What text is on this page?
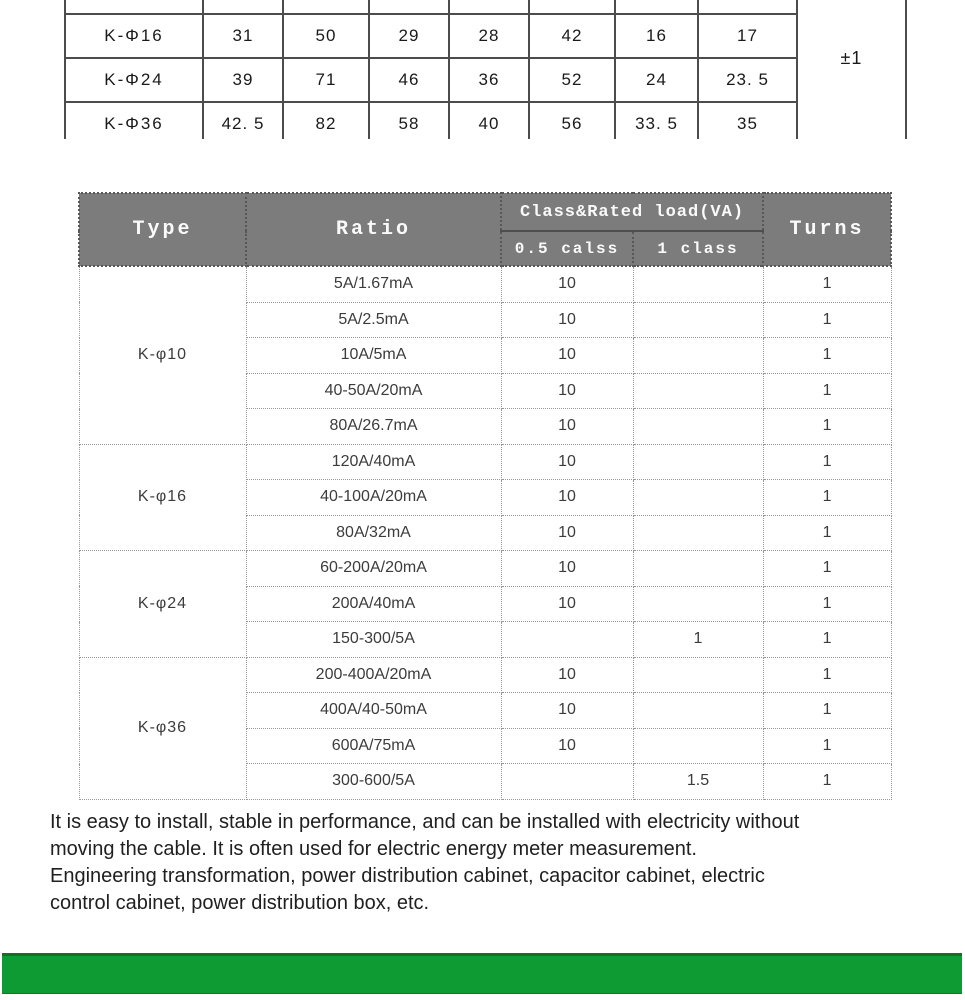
								±1
K-Φ16	31	50	29	28	42	16	17	
K-Φ24	39	71	46	36	52	24	23. 5	
K-Φ36	42. 5	82	58	40	56	33. 5	35	
Type	Ratio	Class&Rated load(VA)		Turns
		0.5 calss	1 class	
K-φ10	5A/1.67mA	10		1
	5A/2.5mA	10		1
	10A/5mA	10		1
	40-50A/20mA	10		1
	80A/26.7mA	10		1
K-φ16	120A/40mA	10		1
	40-100A/20mA	10		1
	80A/32mA	10		1
K-φ24	60-200A/20mA	10		1
	200A/40mA	10		1
	150-300/5A		1	1
K-φ36	200-400A/20mA	10		1
	400A/40-50mA	10		1
	600A/75mA	10		1
	300-600/5A		1.5	1
It is easy to install, stable in performance, and can be installed with electricity without
moving the cable. It is often used for electric energy meter measurement.
Engineering transformation, power distribution cabinet, capacitor cabinet, electric
control cabinet, power distribution box, etc.
